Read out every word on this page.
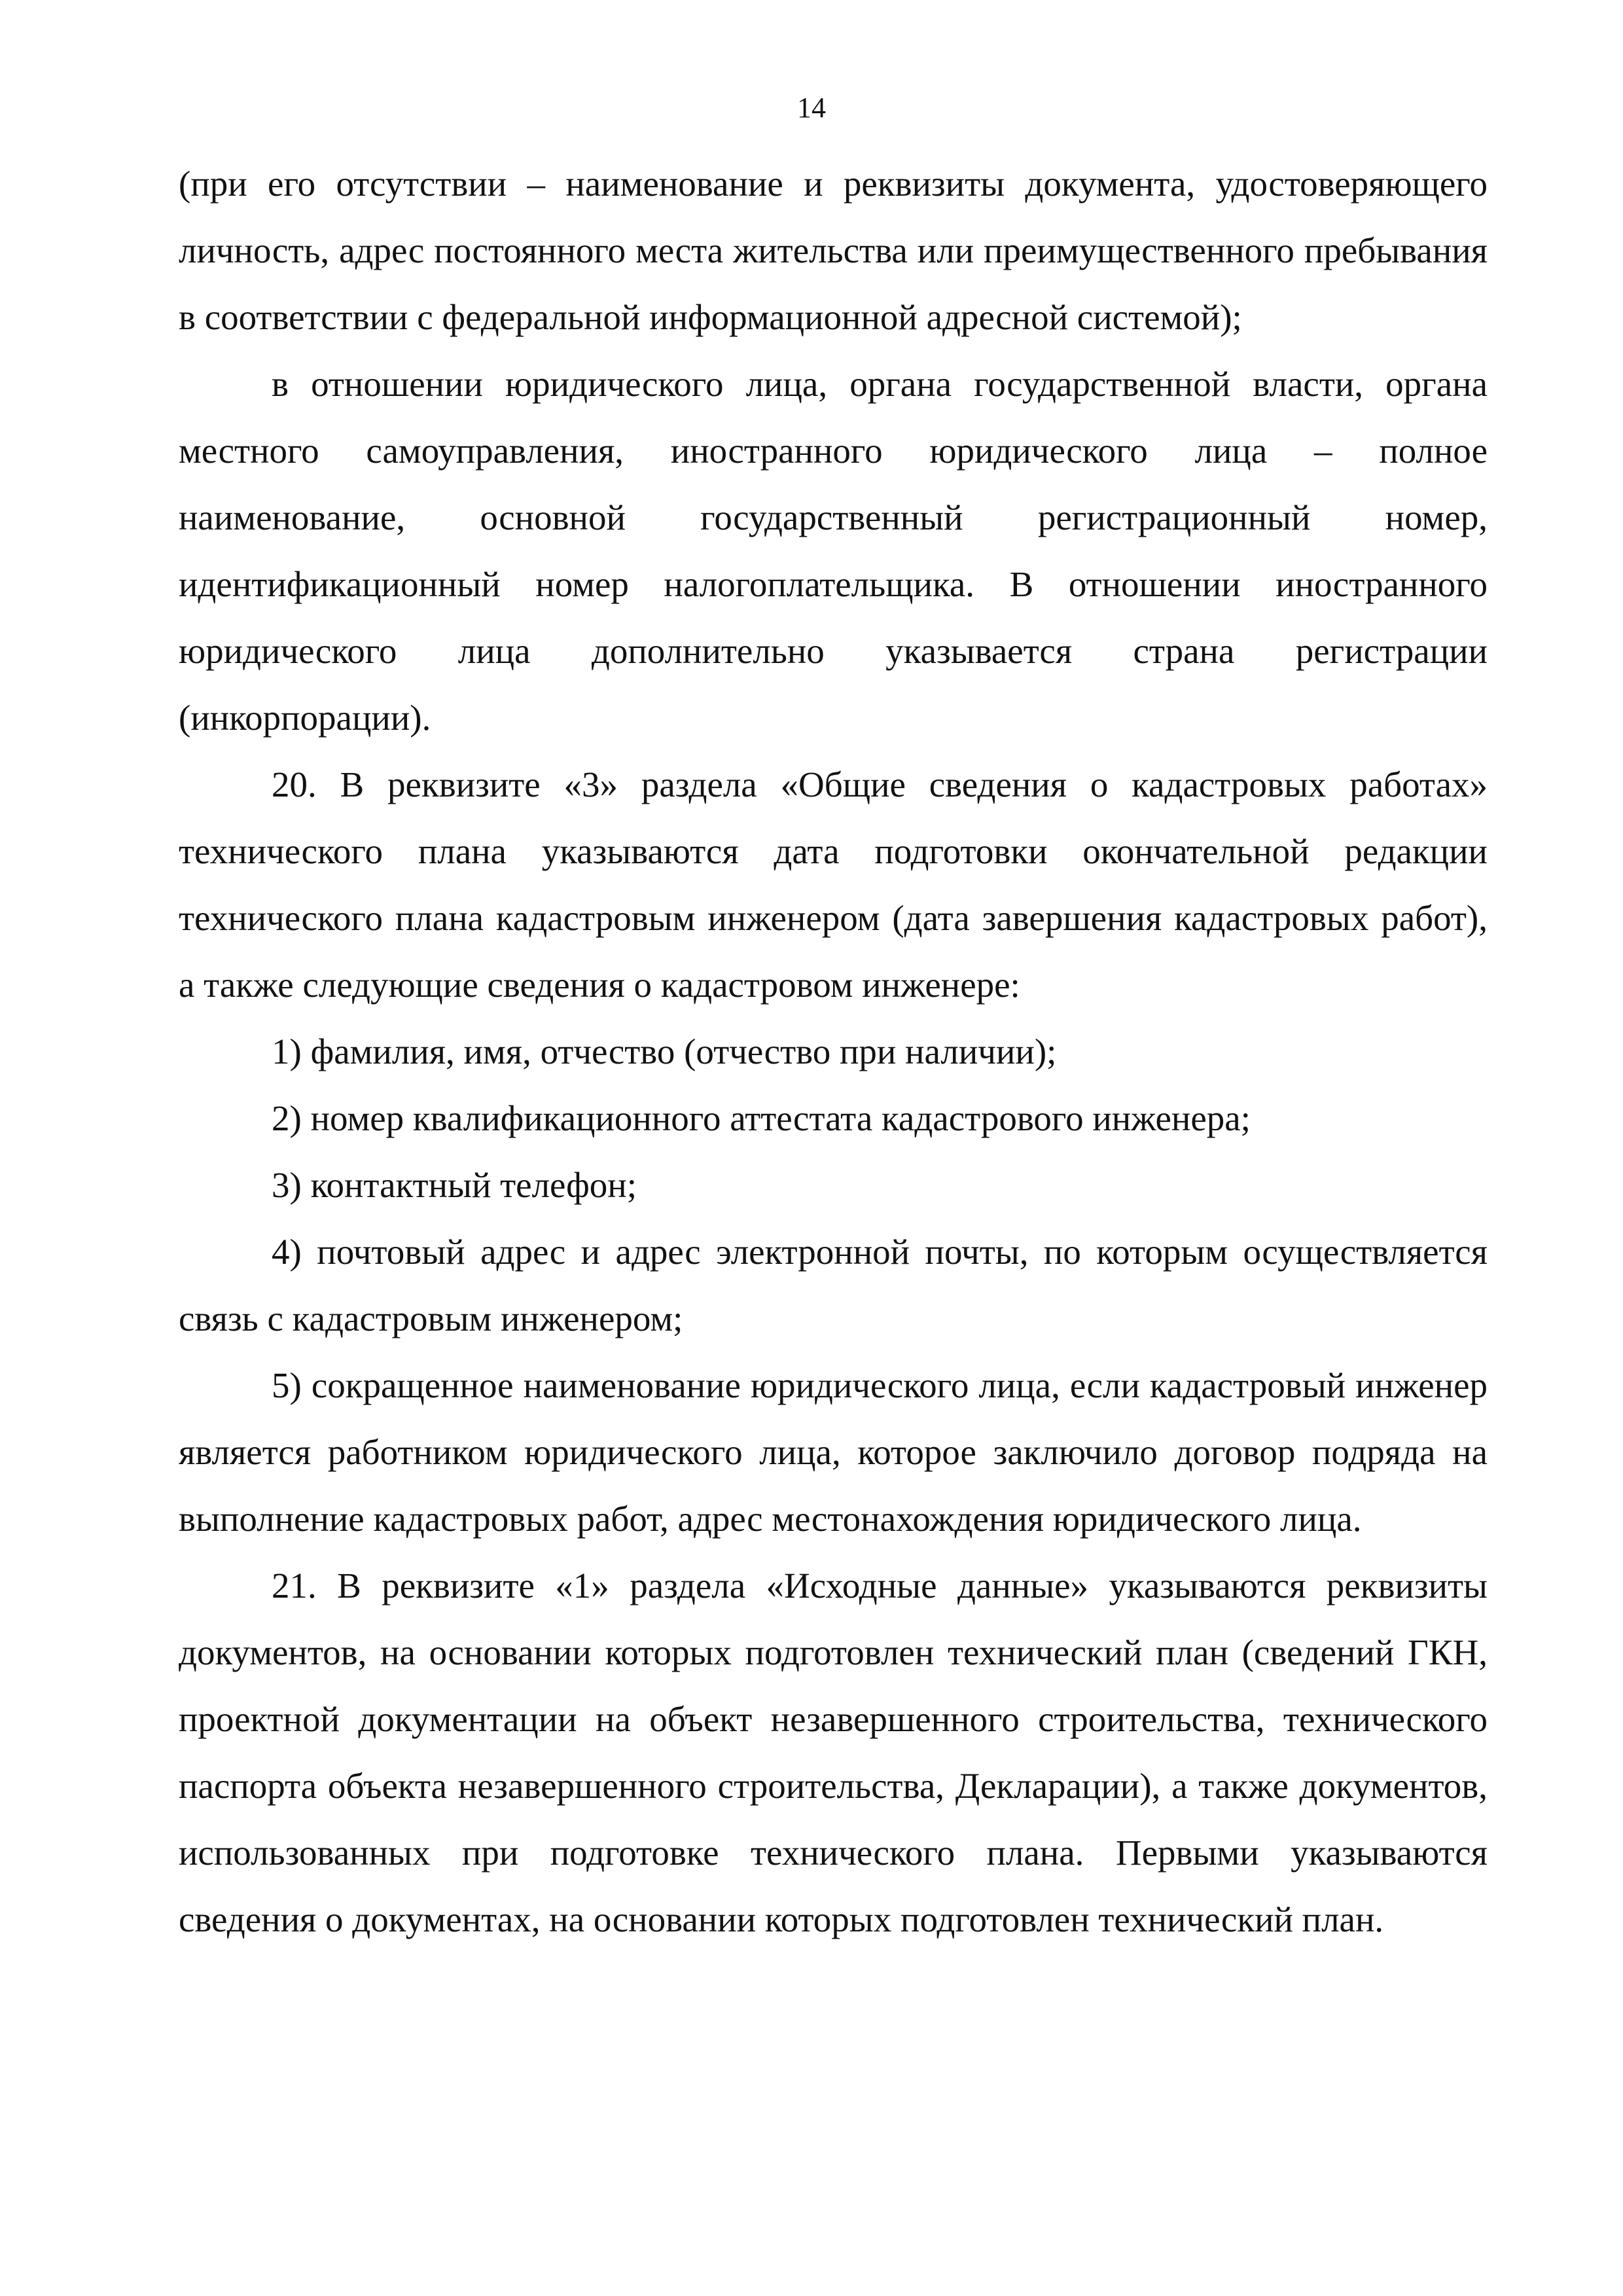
14

(при его отсутствии – наименование и реквизиты документа, удостоверяющего личность, адрес постоянного места жительства или преимущественного пребывания в соответствии с федеральной информационной адресной системой);

в отношении юридического лица, органа государственной власти, органа местного самоуправления, иностранного юридического лица – полное наименование, основной государственный регистрационный номер, идентификационный номер налогоплательщика. В отношении иностранного юридического лица дополнительно указывается страна регистрации (инкорпорации).

20. В реквизите «3» раздела «Общие сведения о кадастровых работах» технического плана указываются дата подготовки окончательной редакции технического плана кадастровым инженером (дата завершения кадастровых работ), а также следующие сведения о кадастровом инженере:

1) фамилия, имя, отчество (отчество при наличии);

2) номер квалификационного аттестата кадастрового инженера;

3) контактный телефон;

4) почтовый адрес и адрес электронной почты, по которым осуществляется связь с кадастровым инженером;

5) сокращенное наименование юридического лица, если кадастровый инженер является работником юридического лица, которое заключило договор подряда на выполнение кадастровых работ, адрес местонахождения юридического лица.

21. В реквизите «1» раздела «Исходные данные» указываются реквизиты документов, на основании которых подготовлен технический план (сведений ГКН, проектной документации на объект незавершенного строительства, технического паспорта объекта незавершенного строительства, Декларации), а также документов, использованных при подготовке технического плана. Первыми указываются сведения о документах, на основании которых подготовлен технический план.
